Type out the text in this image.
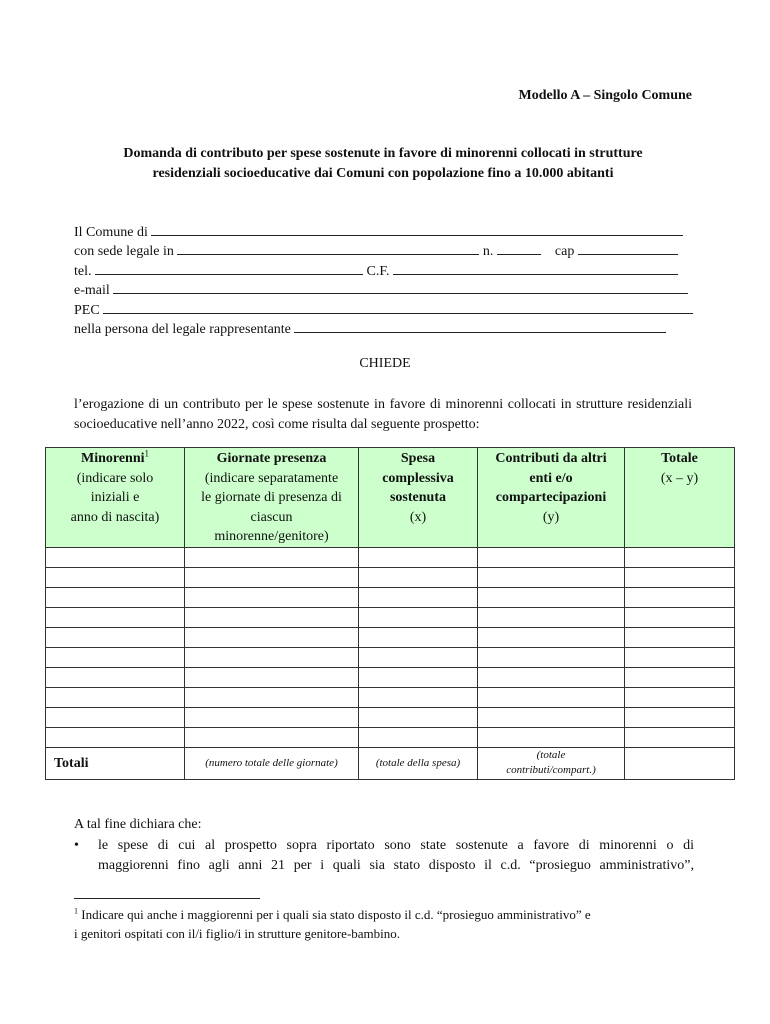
Modello A – Singolo Comune
Domanda di contributo per spese sostenute in favore di minorenni collocati in strutture
residenziali socioeducative dai Comuni con popolazione fino a 10.000 abitanti
Il Comune di
con sede legale in	n.	cap
tel.	C.F.
e-mail
PEC
nella persona del legale rappresentante
CHIEDE
l’erogazione di un contributo per le spese sostenute in favore di minorenni collocati in strutture residenziali socioeducative nell’anno 2022, così come risulta dal seguente prospetto:
Minorenni$^1$
(indicare solo
iniziali e
anno di nascita)	Giornate presenza
(indicare separatamente
le giornate di presenza di
ciascun
minorenne/genitore)	Spesa
complessiva
sostenuta
(x)	Contributi da altri
enti e/o
compartecipazioni
(y)	Totale
(x – y)

Totali	(numero totale delle giornate)	(totale della spesa)	(totale
contributi/compart.)	
A tal fine dichiara che:
• le spese di cui al prospetto sopra riportato sono state sostenute a favore di minorenni o di
maggiorenni fino agli anni 21 per i quali sia stato disposto il c.d. “prosieguo amministrativo”,
$^1$ Indicare qui anche i maggiorenni per i quali sia stato disposto il c.d. “prosieguo amministrativo” e
i genitori ospitati con il/i figlio/i in strutture genitore-bambino.
